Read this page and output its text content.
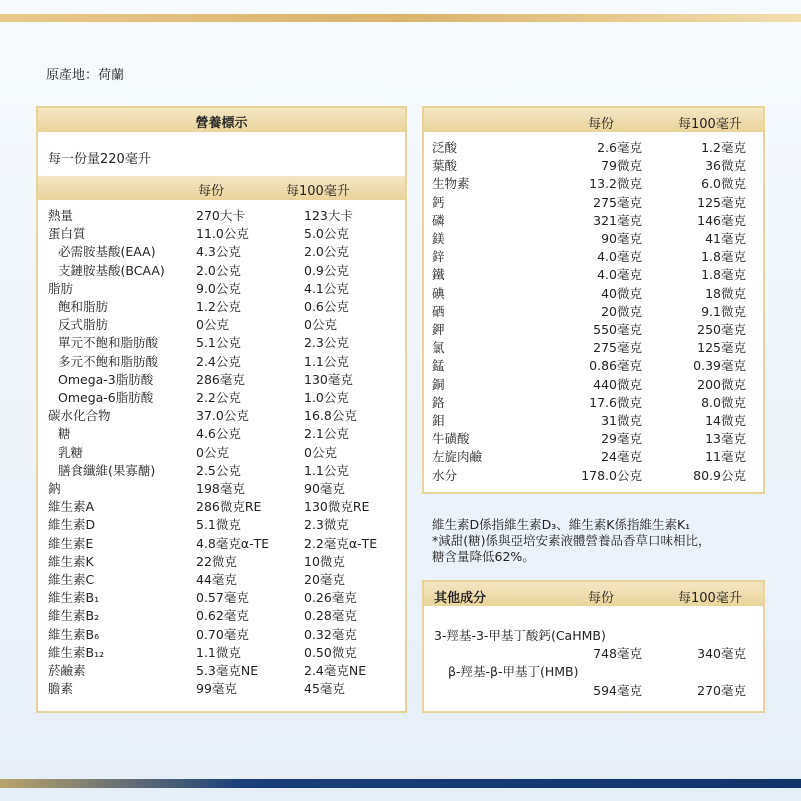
原產地：荷蘭
營養標示
每一份量220毫升
每份	每100毫升
熱量	270大卡	123大卡
蛋白質	11.0公克	5.0公克
必需胺基酸(EAA)	4.3公克	2.0公克
支鏈胺基酸(BCAA) 2.0公克	0.9公克
脂肪	9.0公克	4.1公克
飽和脂肪	1.2公克	0.6公克
反式脂肪	0公克	0公克
單元不飽和脂肪酸	5.1公克	2.3公克
多元不飽和脂肪酸	2.4公克	1.1公克
Omega-3脂肪酸	286毫克	130毫克
Omega-6脂肪酸	2.2公克	1.0公克
碳水化合物	37.0公克	16.8公克
糖	4.6公克	2.1公克
乳糖	0公克	0公克
膳食纖維(果寡醣)	2.5公克	1.1公克
鈉	198毫克	90毫克
維生素A	286微克RE	130微克RE
維生素D	5.1微克	2.3微克
維生素E	4.8毫克α-TE	2.2毫克α-TE
維生素K	22微克	10微克
維生素C	44毫克	20毫克
維生素B₁	0.57毫克	0.26毫克
維生素B₂	0.62毫克	0.28毫克
維生素B₆	0.70毫克	0.32毫克
維生素B₁₂	1.1微克	0.50微克
菸鹼素	5.3毫克NE	2.4毫克NE
膽素	99毫克	45毫克
每份	每100毫升
泛酸	2.6毫克	1.2毫克
葉酸	79微克	36微克
生物素	13.2微克	6.0微克
鈣	275毫克	125毫克
磷	321毫克	146毫克
鎂	90毫克	41毫克
鋅	4.0毫克	1.8毫克
鐵	4.0毫克	1.8毫克
碘	40微克	18微克
硒	20微克	9.1微克
鉀	550毫克	250毫克
氯	275毫克	125毫克
錳	0.86毫克	0.39毫克
銅	440微克	200微克
鉻	17.6微克	8.0微克
鉬	31微克	14微克
牛磺酸	29毫克	13毫克
左旋肉鹼	24毫克	11毫克
水分	178.0公克	80.9公克
維生素D係指維生素D₃、維生素K係指維生素K₁
*減甜(糖)係與亞培安素液體營養品香草口味相比，
糖含量降低62%。
其他成分	每份	每100毫升
3-羥基-3-甲基丁酸鈣(CaHMB)
748毫克	340毫克
β-羥基-β-甲基丁(HMB)
594毫克	270毫克
